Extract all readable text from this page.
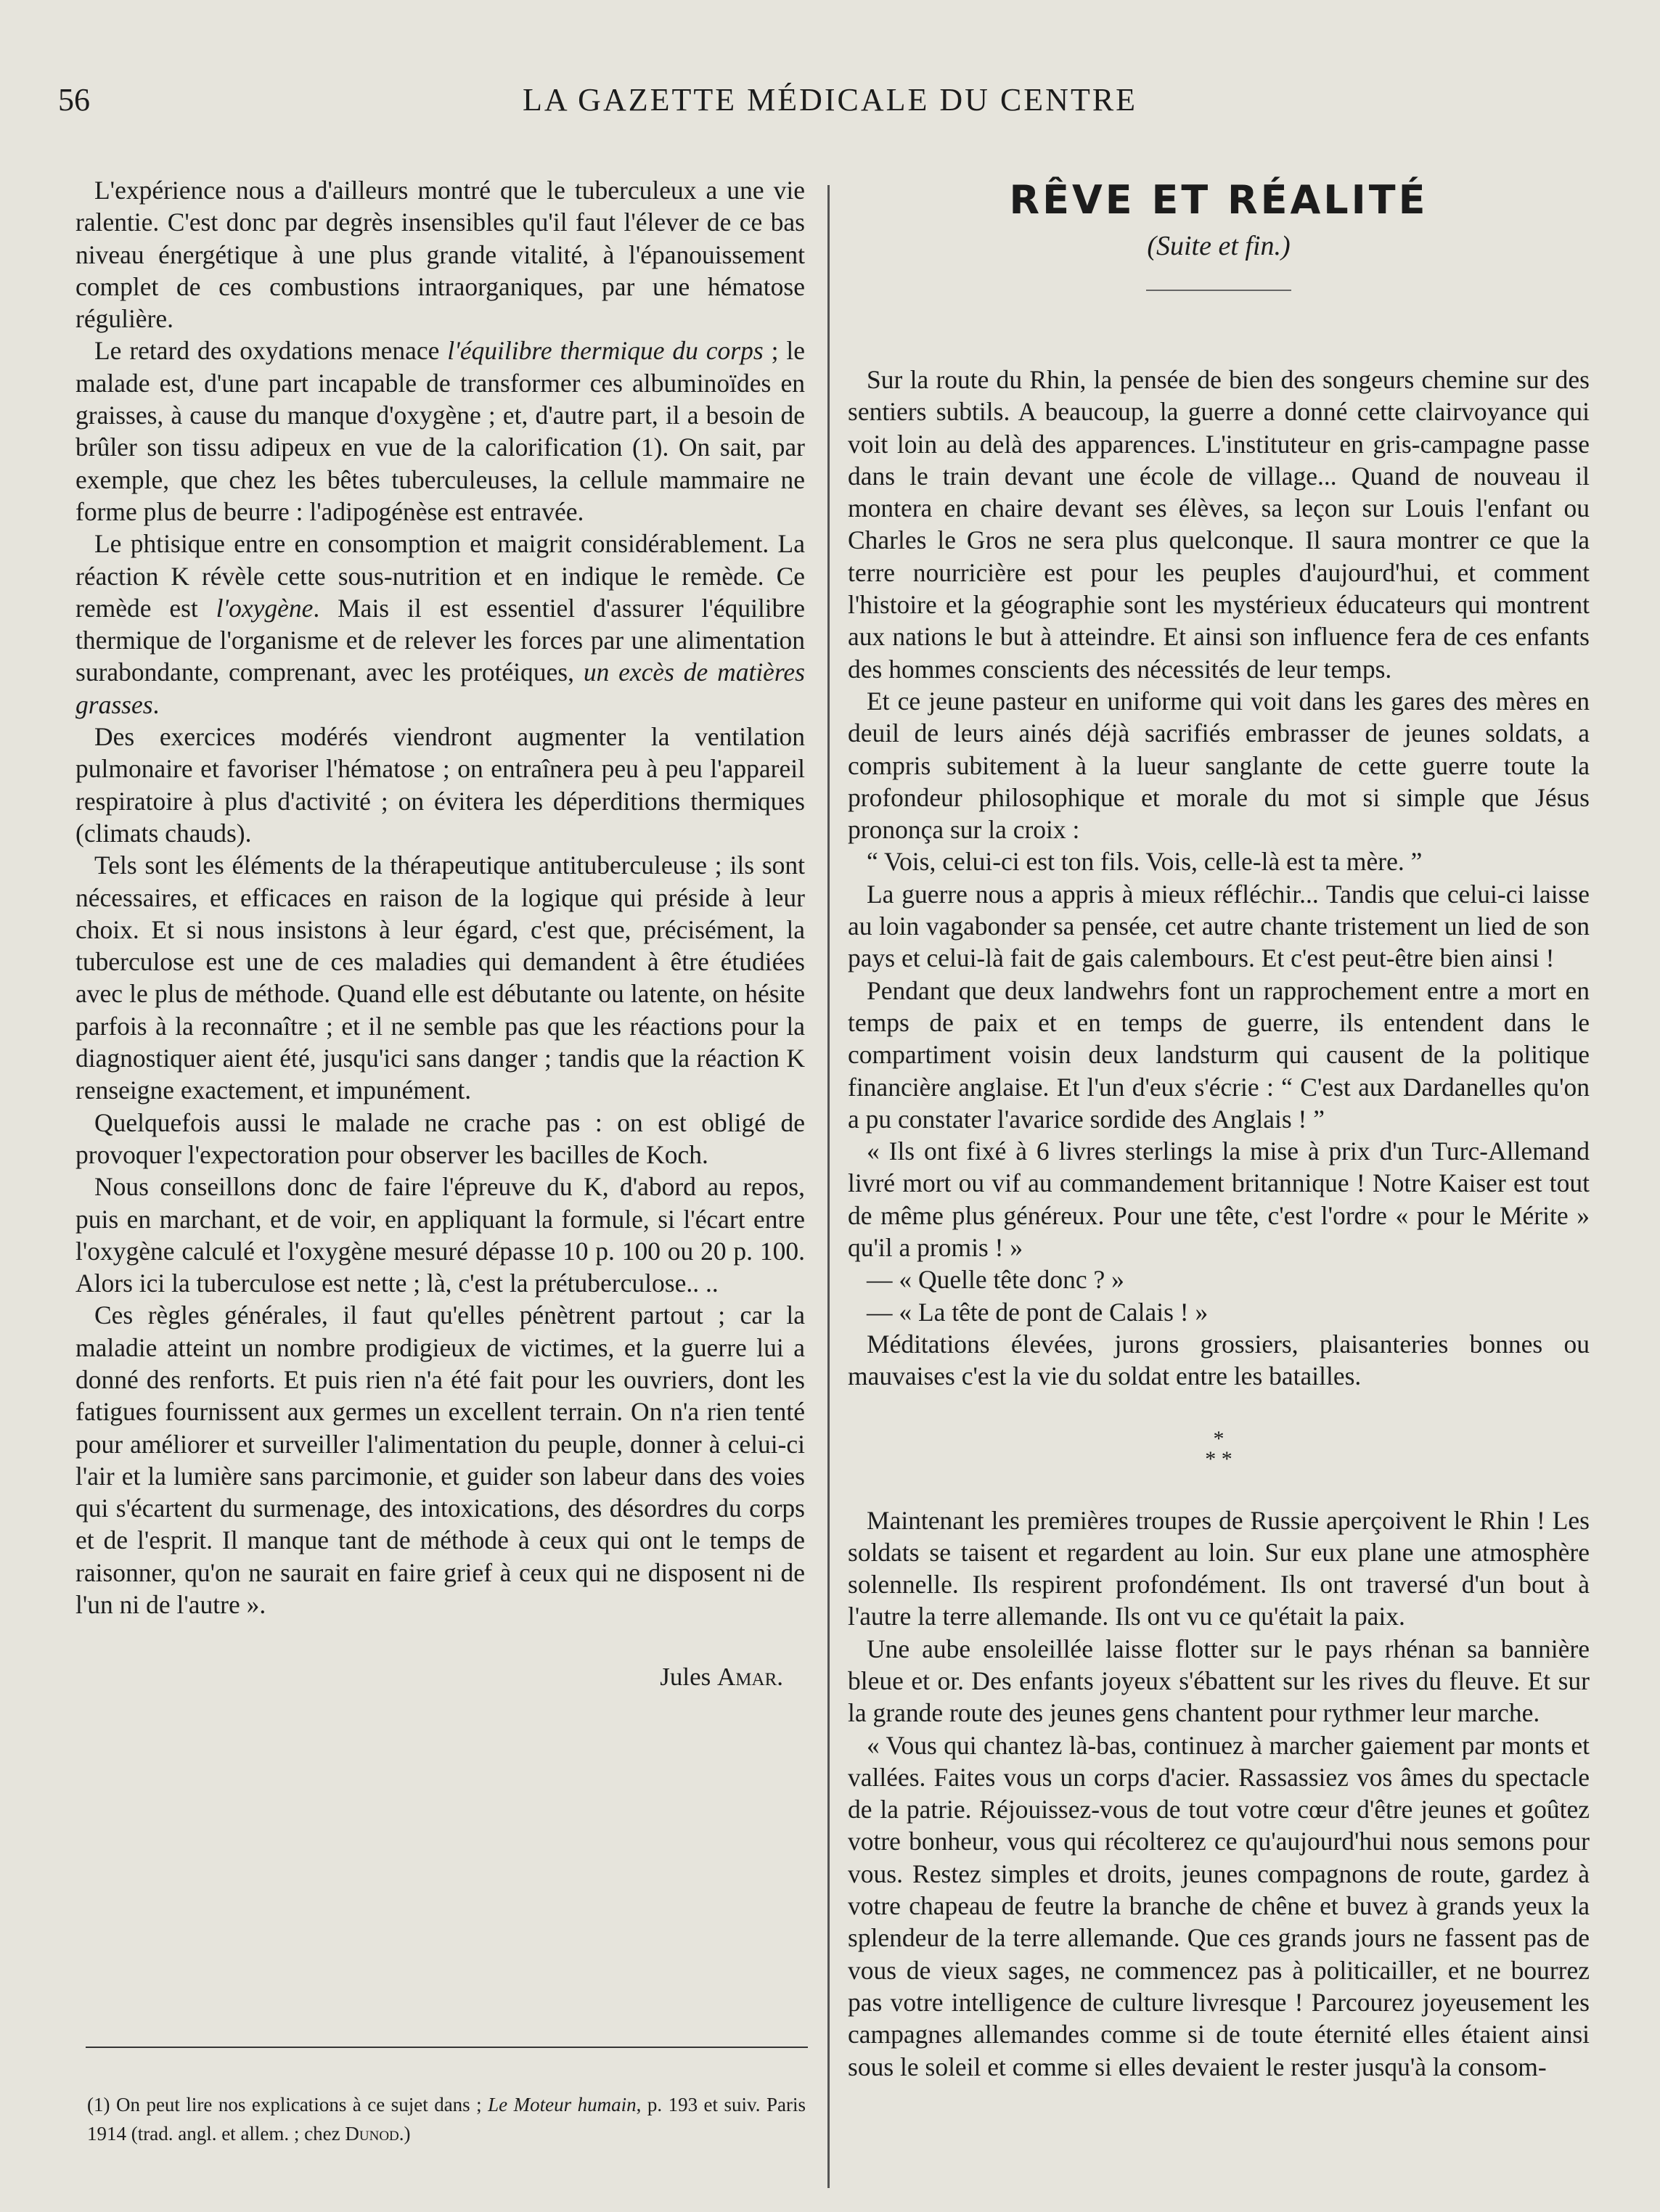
56	LA GAZETTE MÉDICALE DU CENTRE

L'expérience nous a d'ailleurs montré que le tuberculeux a une vie ralentie. C'est donc par degrès insensibles qu'il faut l'élever de ce bas niveau énergétique à une plus grande vitalité, à l'épanouissement complet de ces combustions intraorganiques, par une hématose régulière.

Le retard des oxydations menace l'équilibre thermique du corps ; le malade est, d'une part incapable de transformer ces albuminoïdes en graisses, à cause du manque d'oxygène ; et, d'autre part, il a besoin de brûler son tissu adipeux en vue de la calorification (1). On sait, par exemple, que chez les bêtes tuberculeuses, la cellule mammaire ne forme plus de beurre : l'adipogénèse est entravée.

Le phtisique entre en consomption et maigrit considérablement. La réaction K révèle cette sous-nutrition et en indique le remède. Ce remède est l'oxygène. Mais il est essentiel d'assurer l'équilibre thermique de l'organisme et de relever les forces par une alimentation surabondante, comprenant, avec les protéiques, un excès de matières grasses.

Des exercices modérés viendront augmenter la ventilation pulmonaire et favoriser l'hématose ; on entraînera peu à peu l'appareil respiratoire à plus d'activité ; on évitera les déperditions thermiques (climats chauds).

Tels sont les éléments de la thérapeutique antituberculeuse ; ils sont nécessaires, et efficaces en raison de la logique qui préside à leur choix. Et si nous insistons à leur égard, c'est que, précisément, la tuberculose est une de ces maladies qui demandent à être étudiées avec le plus de méthode. Quand elle est débutante ou latente, on hésite parfois à la reconnaître ; et il ne semble pas que les réactions pour la diagnostiquer aient été, jusqu'ici sans danger ; tandis que la réaction K renseigne exactement, et impunément.

Quelquefois aussi le malade ne crache pas : on est obligé de provoquer l'expectoration pour observer les bacilles de Koch.

Nous conseillons donc de faire l'épreuve du K, d'abord au repos, puis en marchant, et de voir, en appliquant la formule, si l'écart entre l'oxygène calculé et l'oxygène mesuré dépasse 10 p. 100 ou 20 p. 100. Alors ici la tuberculose est nette ; là, c'est la prétuberculose.. ..

Ces règles générales, il faut qu'elles pénètrent partout ; car la maladie atteint un nombre prodigieux de victimes, et la guerre lui a donné des renforts. Et puis rien n'a été fait pour les ouvriers, dont les fatigues fournissent aux germes un excellent terrain. On n'a rien tenté pour améliorer et surveiller l'alimentation du peuple, donner à celui-ci l'air et la lumière sans parcimonie, et guider son labeur dans des voies qui s'écartent du surmenage, des intoxications, des désordres du corps et de l'esprit. Il manque tant de méthode à ceux qui ont le temps de raisonner, qu'on ne saurait en faire grief à ceux qui ne disposent ni de l'un ni de l'autre ».

Jules Amar.
(1) On peut lire nos explications à ce sujet dans ; Le Moteur humain, p. 193 et suiv. Paris 1914 (trad. angl. et allem. ; chez Dunod.)
RÊVE ET RÉALITÉ
(Suite et fin.)

Sur la route du Rhin, la pensée de bien des songeurs chemine sur des sentiers subtils. A beaucoup, la guerre a donné cette clairvoyance qui voit loin au delà des apparences. L'instituteur en gris-campagne passe dans le train devant une école de village... Quand de nouveau il montera en chaire devant ses élèves, sa leçon sur Louis l'enfant ou Charles le Gros ne sera plus quelconque. Il saura montrer ce que la terre nourricière est pour les peuples d'aujourd'hui, et comment l'histoire et la géographie sont les mystérieux éducateurs qui montrent aux nations le but à atteindre. Et ainsi son influence fera de ces enfants des hommes conscients des nécessités de leur temps.

Et ce jeune pasteur en uniforme qui voit dans les gares des mères en deuil de leurs ainés déjà sacrifiés embrasser de jeunes soldats, a compris subitement à la lueur sanglante de cette guerre toute la profondeur philosophique et morale du mot si simple que Jésus prononça sur la croix :

“ Vois, celui-ci est ton fils. Vois, celle-là est ta mère. ”

La guerre nous a appris à mieux réfléchir... Tandis que celui-ci laisse au loin vagabonder sa pensée, cet autre chante tristement un lied de son pays et celui-là fait de gais calembours. Et c'est peut-être bien ainsi !

Pendant que deux landwehrs font un rapprochement entre a mort en temps de paix et en temps de guerre, ils entendent dans le compartiment voisin deux landsturm qui causent de la politique financière anglaise. Et l'un d'eux s'écrie : “ C'est aux Dardanelles qu'on a pu constater l'avarice sordide des Anglais ! ”

« Ils ont fixé à 6 livres sterlings la mise à prix d'un Turc-Allemand livré mort ou vif au commandement britannique ! Notre Kaiser est tout de même plus généreux. Pour une tête, c'est l'ordre « pour le Mérite » qu'il a promis ! »

— « Quelle tête donc ? »

— « La tête de pont de Calais ! »

Méditations élevées, jurons grossiers, plaisanteries bonnes ou mauvaises c'est la vie du soldat entre les batailles.

*
* *

Maintenant les premières troupes de Russie aperçoivent le Rhin ! Les soldats se taisent et regardent au loin. Sur eux plane une atmosphère solennelle. Ils respirent profondément. Ils ont traversé d'un bout à l'autre la terre allemande. Ils ont vu ce qu'était la paix.

Une aube ensoleillée laisse flotter sur le pays rhénan sa bannière bleue et or. Des enfants joyeux s'ébattent sur les rives du fleuve. Et sur la grande route des jeunes gens chantent pour rythmer leur marche.

« Vous qui chantez là-bas, continuez à marcher gaiement par monts et vallées. Faites vous un corps d'acier. Rassassiez vos âmes du spectacle de la patrie. Réjouissez-vous de tout votre cœur d'être jeunes et goûtez votre bonheur, vous qui récolterez ce qu'aujourd'hui nous semons pour vous. Restez simples et droits, jeunes compagnons de route, gardez à votre chapeau de feutre la branche de chêne et buvez à grands yeux la splendeur de la terre allemande. Que ces grands jours ne fassent pas de vous de vieux sages, ne commencez pas à politicailler, et ne bourrez pas votre intelligence de culture livresque ! Parcourez joyeusement les campagnes allemandes comme si de toute éternité elles étaient ainsi sous le soleil et comme si elles devaient le rester jusqu'à la consom-
